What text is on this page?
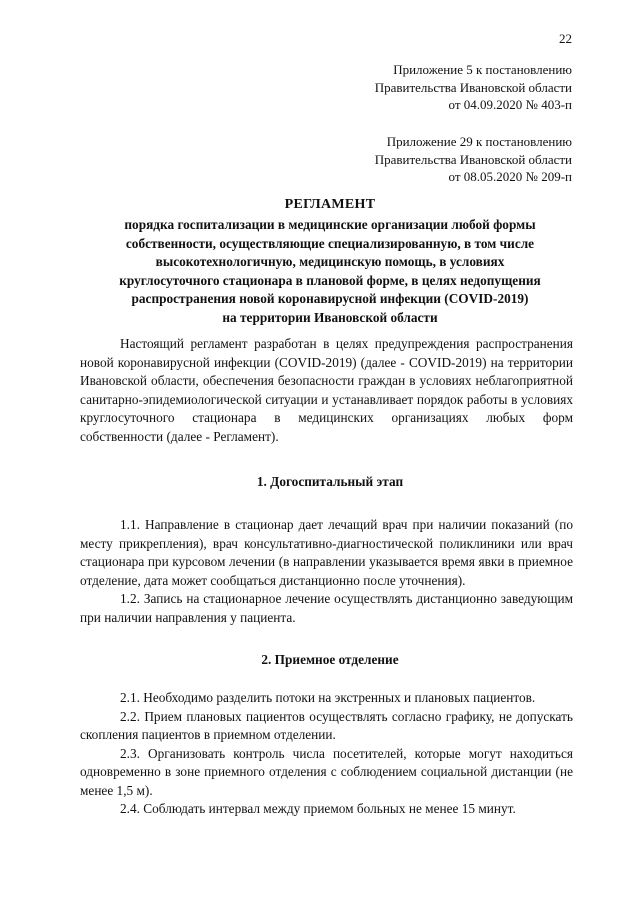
22
Приложение 5 к постановлению
Правительства Ивановской области
от 04.09.2020 № 403-п
Приложение 29 к постановлению
Правительства Ивановской области
от 08.05.2020 № 209-п
РЕГЛАМЕНТ
порядка госпитализации в медицинские организации любой формы
собственности, осуществляющие специализированную, в том числе
высокотехнологичную, медицинскую помощь, в условиях
круглосуточного стационара в плановой форме, в целях недопущения
распространения новой коронавирусной инфекции (COVID-2019)
на территории Ивановской области

Настоящий регламент разработан в целях предупреждения распространения новой коронавирусной инфекции (COVID-2019) (далее - COVID-2019) на территории Ивановской области, обеспечения безопасности граждан в условиях неблагоприятной санитарно-эпидемиологической ситуации и устанавливает порядок работы в условиях круглосуточного стационара в медицинских организациях любых форм собственности (далее - Регламент).

1. Догоспитальный этап

1.1. Направление в стационар дает лечащий врач при наличии показаний (по месту прикрепления), врач консультативно-диагностической поликлиники или врач стационара при курсовом лечении (в направлении указывается время явки в приемное отделение, дата может сообщаться дистанционно после уточнения).

1.2. Запись на стационарное лечение осуществлять дистанционно заведующим при наличии направления у пациента.

2. Приемное отделение

2.1. Необходимо разделить потоки на экстренных и плановых пациентов.

2.2. Прием плановых пациентов осуществлять согласно графику, не допускать скопления пациентов в приемном отделении.

2.3. Организовать контроль числа посетителей, которые могут находиться одновременно в зоне приемного отделения с соблюдением социальной дистанции (не менее 1,5 м).

2.4. Соблюдать интервал между приемом больных не менее 15 минут.
